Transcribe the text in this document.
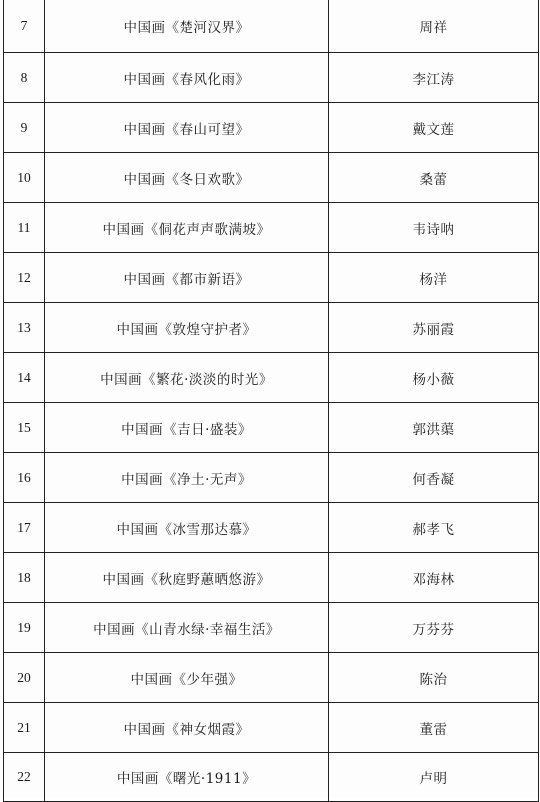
7	中国画《楚河汉界》	周祥
8	中国画《春风化雨》	李江涛
9	中国画《春山可望》	戴文莲
10	中国画《冬日欢歌》	桑蕾
11	中国画《侗花声声歌满坡》	韦诗呐
12	中国画《都市新语》	杨洋
13	中国画《敦煌守护者》	苏丽霞
14	中国画《繁花·淡淡的时光》	杨小薇
15	中国画《吉日·盛装》	郭洪蕖
16	中国画《净土·无声》	何香凝
17	中国画《冰雪那达慕》	郝孝飞
18	中国画《秋庭野蕙晒悠游》	邓海林
19	中国画《山青水绿·幸福生活》	万芬芬
20	中国画《少年强》	陈治
21	中国画《神女烟霞》	董雷
22	中国画《曙光·1911》	卢明
